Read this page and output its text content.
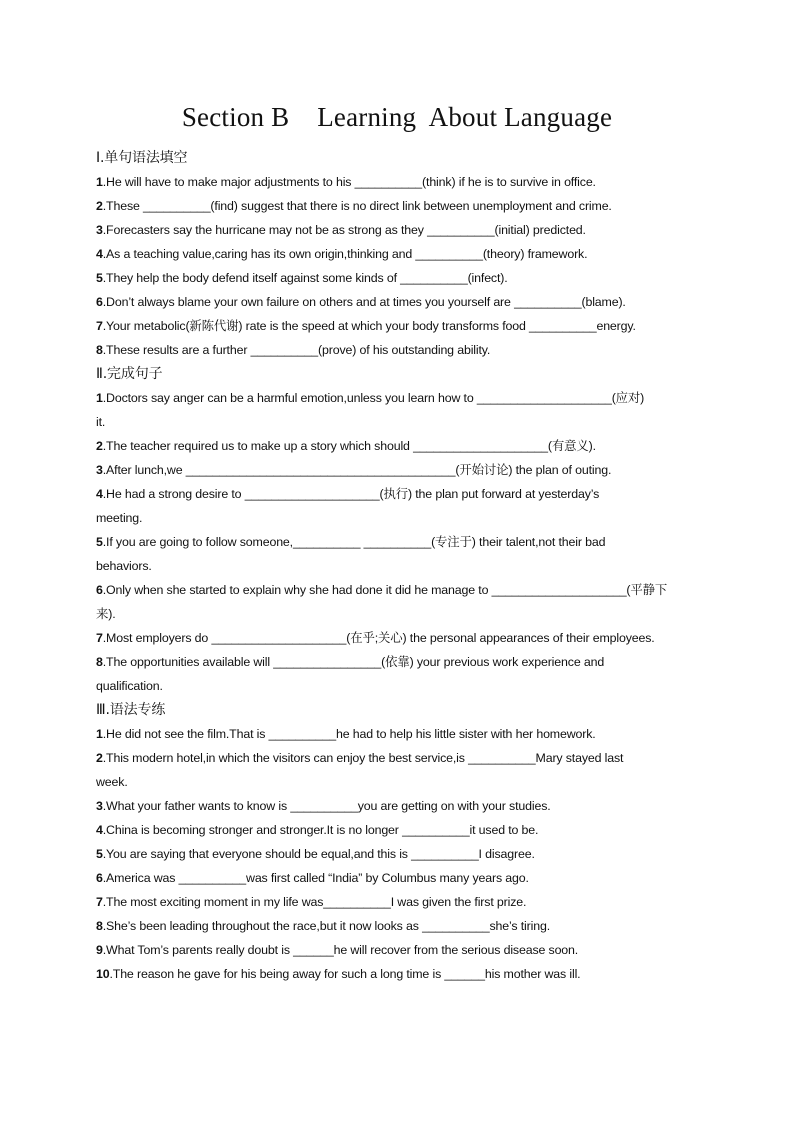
Section B    Learning  About Language
Ⅰ.单句语法填空
1.He will have to make major adjustments to his __________(think) if he is to survive in office.
2.These __________(find) suggest that there is no direct link between unemployment and crime.
3.Forecasters say the hurricane may not be as strong as they __________(initial) predicted.
4.As a teaching value,caring has its own origin,thinking and __________(theory) framework.
5.They help the body defend itself against some kinds of __________(infect).
6.Don’t always blame your own failure on others and at times you yourself are __________(blame).
7.Your metabolic(新陈代谢) rate is the speed at which your body transforms food __________energy.
8.These results are a further __________(prove) of his outstanding ability.
Ⅱ.完成句子
1.Doctors say anger can be a harmful emotion,unless you learn how to ____________________(应对)
it.
2.The teacher required us to make up a story which should ____________________(有意义).
3.After lunch,we ________________________________________(开始讨论) the plan of outing.
4.He had a strong desire to ____________________(执行) the plan put forward at yesterday’s
meeting.
5.If you are going to follow someone,__________ __________(专注于) their talent,not their bad
behaviors.
6.Only when she started to explain why she had done it did he manage to ____________________(平静下
来).
7.Most employers do ____________________(在乎;关心) the personal appearances of their employees.
8.The opportunities available will ________________(依靠) your previous work experience and
qualification.
Ⅲ.语法专练
1.He did not see the film.That is __________he had to help his little sister with her homework.
2.This modern hotel,in which the visitors can enjoy the best service,is __________Mary stayed last
week.
3.What your father wants to know is __________you are getting on with your studies.
4.China is becoming stronger and stronger.It is no longer __________it used to be.
5.You are saying that everyone should be equal,and this is __________I disagree.
6.America was __________was first called “India” by Columbus many years ago.
7.The most exciting moment in my life was__________I was given the first prize.
8.She’s been leading throughout the race,but it now looks as __________she’s tiring.
9.What Tom’s parents really doubt is ______he will recover from the serious disease soon.
10.The reason he gave for his being away for such a long time is ______his mother was ill.
